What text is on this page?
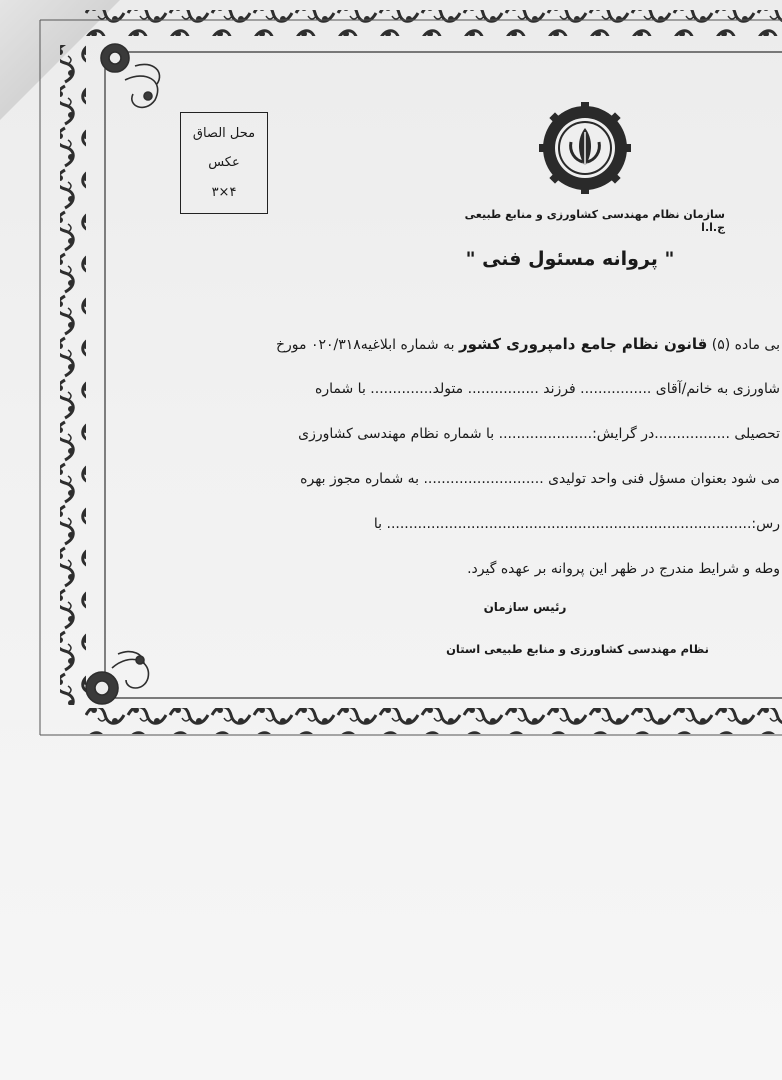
محل الصاق
عکس
۳×۴
سازمان نظام مهندسی کشاورزی و منابع طبیعی ج.ا.ا
" پروانه مسئول فنی "
بی ماده (۵) قانون نظام جامع دامپروری کشور به شماره ابلاغیه۰۲۰/۳۱۸ مورخ
شاورزی به خانم/آقای ................ فرزند ................ متولد.............. با شماره
تحصیلی .................در گرایش:..................... با شماره نظام مهندسی کشاورزی
می شود بعنوان مسؤل فنی واحد تولیدی ........................... به شماره مجوز بهره
رس:.................................................................................. با
وطه و شرایط مندرج در ظهر این پروانه بر عهده گیرد.
رئیس سازمان
نظام مهندسی کشاورزی و منابع طبیعی استان
